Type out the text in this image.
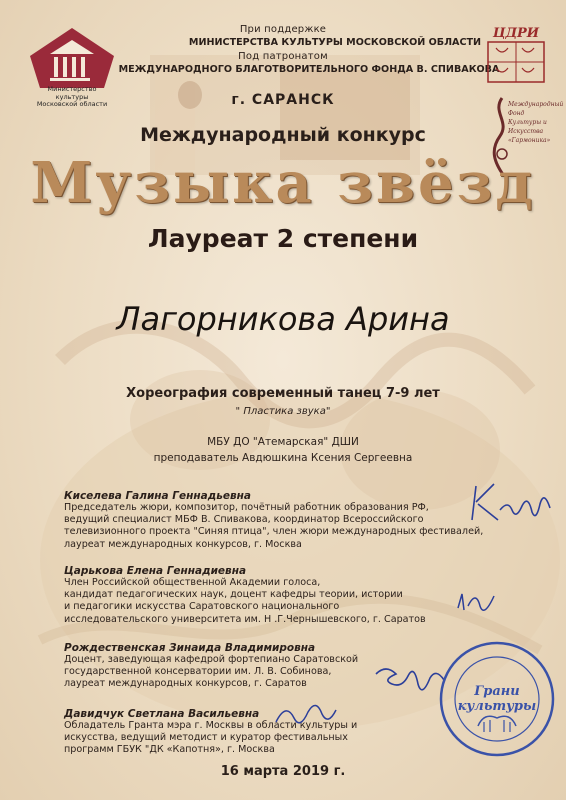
Министерство
культуры
Московской области
При поддержке
МИНИСТЕРСТВА КУЛЬТУРЫ МОСКОВСКОЙ ОБЛАСТИ
Под патронатом
МЕЖДУНАРОДНОГО БЛАГОТВОРИТЕЛЬНОГО ФОНДА В. СПИВАКОВА
ЦДРИ
Международный Фонд Культуры и Искусства «Гармоника»
г. САРАНСК
Международный конкурс
Музыка звёзд
Лауреат 2 степени
Лагорникова Арина
Хореография современный танец 7-9 лет
" Пластика звука"
МБУ ДО "Атемарская" ДШИ
преподаватель Авдюшкина Ксения Сергеевна
Киселева Галина Геннадьевна
Председатель жюри, композитор, почётный работник образования РФ,
ведущий специалист МБФ В. Спивакова, координатор Всероссийского
телевизионного проекта "Синяя птица", член жюри международных фестивалей,
лауреат международных конкурсов, г. Москва
Царькова Елена Геннадиевна
Член Российской общественной Академии голоса,
кандидат педагогических наук, доцент кафедры теории, истории
и педагогики искусства Саратовского национального
исследовательского университета им. Н .Г.Чернышевского, г. Саратов
Рождественская Зинаида Владимировна
Доцент, заведующая кафедрой фортепиано Саратовской
государственной консерватории им. Л. В. Собинова,
лауреат международных конкурсов, г. Саратов
Давидчук Светлана Васильевна
Обладатель Гранта мэра г. Москвы в области культуры и
искусства, ведущий методист и куратор фестивальных
программ ГБУК "ДК «Капотня», г. Москва
Грани
культуры
16 марта 2019 г.
